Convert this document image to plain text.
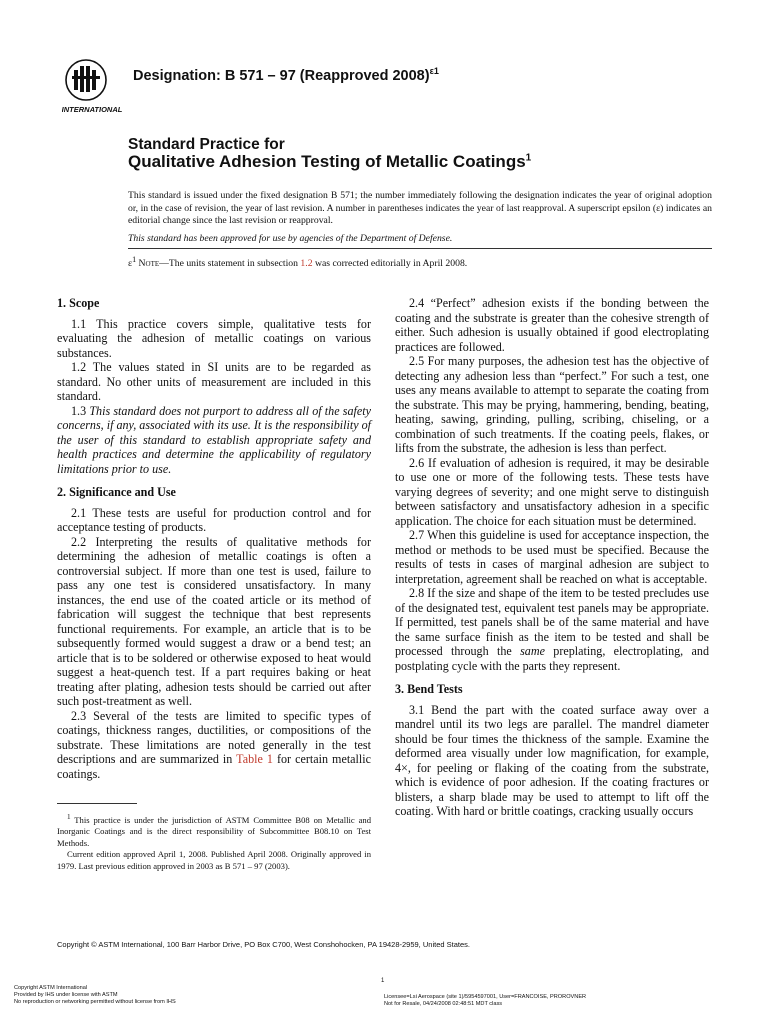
INTERNATIONAL
Designation: B 571 – 97 (Reapproved 2008)$^{\varepsilon 1}$
Standard Practice for
Qualitative Adhesion Testing of Metallic Coatings$^1$
This standard is issued under the fixed designation B 571; the number immediately following the designation indicates the year of original adoption or, in the case of revision, the year of last revision. A number in parentheses indicates the year of last reapproval. A superscript epsilon (ε) indicates an editorial change since the last revision or reapproval.
This standard has been approved for use by agencies of the Department of Defense.
$\varepsilon^1$ Note—The units statement in subsection 1.2 was corrected editorially in April 2008.
1. Scope

1.1 This practice covers simple, qualitative tests for evaluating the adhesion of metallic coatings on various substances.

1.2 The values stated in SI units are to be regarded as standard. No other units of measurement are included in this standard.

1.3 This standard does not purport to address all of the safety concerns, if any, associated with its use. It is the responsibility of the user of this standard to establish appropriate safety and health practices and determine the applicability of regulatory limitations prior to use.

2. Significance and Use

2.1 These tests are useful for production control and for acceptance testing of products.

2.2 Interpreting the results of qualitative methods for determining the adhesion of metallic coatings is often a controversial subject. If more than one test is used, failure to pass any one test is considered unsatisfactory. In many instances, the end use of the coated article or its method of fabrication will suggest the technique that best represents functional requirements. For example, an article that is to be subsequently formed would suggest a draw or a bend test; an article that is to be soldered or otherwise exposed to heat would suggest a heat-quench test. If a part requires baking or heat treating after plating, adhesion tests should be carried out after such post-treatment as well.

2.3 Several of the tests are limited to specific types of coatings, thickness ranges, ductilities, or compositions of the substrate. These limitations are noted generally in the test descriptions and are summarized in Table 1 for certain metallic coatings.

2.4 “Perfect” adhesion exists if the bonding between the coating and the substrate is greater than the cohesive strength of either. Such adhesion is usually obtained if good electroplating practices are followed.

2.5 For many purposes, the adhesion test has the objective of detecting any adhesion less than “perfect.” For such a test, one uses any means available to attempt to separate the coating from the substrate. This may be prying, hammering, bending, beating, heating, sawing, grinding, pulling, scribing, chiseling, or a combination of such treatments. If the coating peels, flakes, or lifts from the substrate, the adhesion is less than perfect.

2.6 If evaluation of adhesion is required, it may be desirable to use one or more of the following tests. These tests have varying degrees of severity; and one might serve to distinguish between satisfactory and unsatisfactory adhesion in a specific application. The choice for each situation must be determined.

2.7 When this guideline is used for acceptance inspection, the method or methods to be used must be specified. Because the results of tests in cases of marginal adhesion are subject to interpretation, agreement shall be reached on what is acceptable.

2.8 If the size and shape of the item to be tested precludes use of the designated test, equivalent test panels may be appropriate. If permitted, test panels shall be of the same material and have the same surface finish as the item to be tested and shall be processed through the same preplating, electroplating, and postplating cycle with the parts they represent.

3. Bend Tests

3.1 Bend the part with the coated surface away over a mandrel until its two legs are parallel. The mandrel diameter should be four times the thickness of the sample. Examine the deformed area visually under low magnification, for example, 4×, for peeling or flaking of the coating from the substrate, which is evidence of poor adhesion. If the coating fractures or blisters, a sharp blade may be used to attempt to lift off the coating. With hard or brittle coatings, cracking usually occurs

$^1$ This practice is under the jurisdiction of ASTM Committee B08 on Metallic and Inorganic Coatings and is the direct responsibility of Subcommittee B08.10 on Test Methods.

Current edition approved April 1, 2008. Published April 2008. Originally approved in 1979. Last previous edition approved in 2003 as B 571 – 97 (2003).

Copyright © ASTM International, 100 Barr Harbor Drive, PO Box C700, West Conshohocken, PA 19428-2959, United States.
1
Copyright ASTM International
Provided by IHS under license with ASTM
No reproduction or networking permitted without license from IHS
Licensee=Lsi Aerospace (site 1)/5954597001, User=FRANCOISE, PROROVNER
Not for Resale, 04/24/2008 02:48:51 MDT class
